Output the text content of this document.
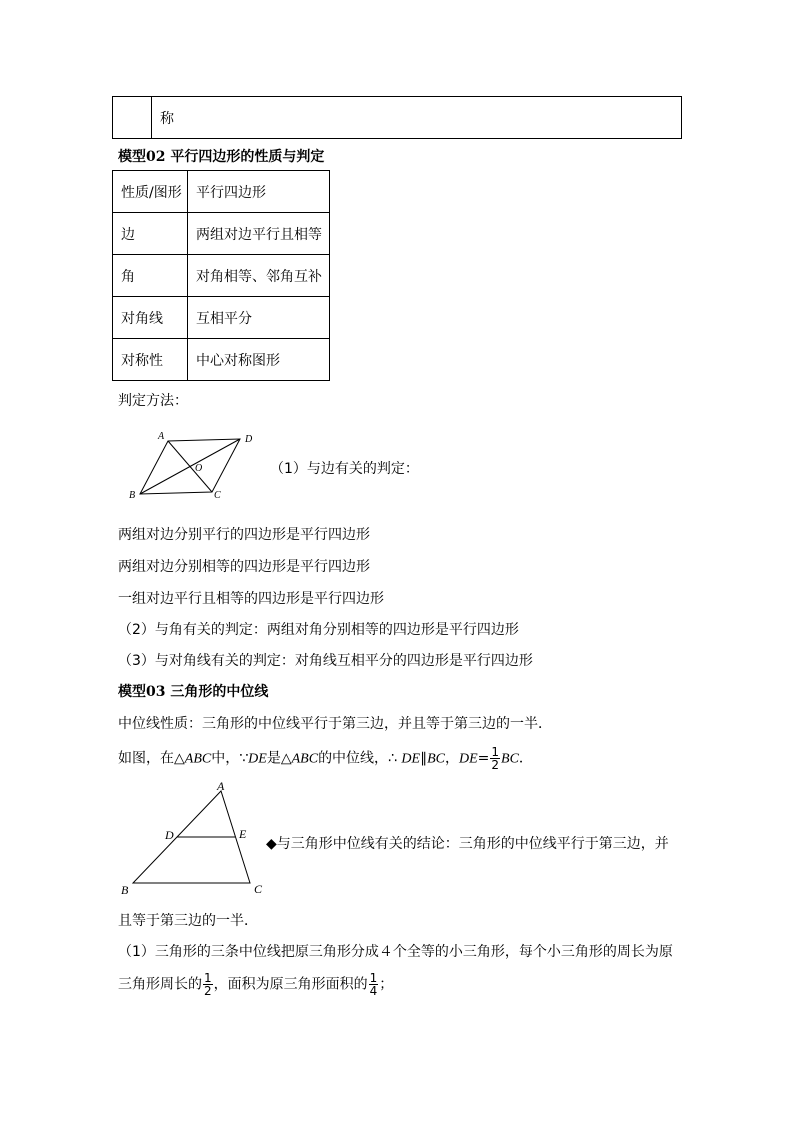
	称
模型02 平行四边形的性质与判定
性质/图形	平行四边形
边	两组对边平行且相等
角	对角相等、邻角互补
对角线	互相平分
对称性	中心对称图形
判定方法：
A	D
O
B	C
（1）与边有关的判定：
两组对边分别平行的四边形是平行四边形
两组对边分别相等的四边形是平行四边形
一组对边平行且相等的四边形是平行四边形
（2）与角有关的判定：两组对角分别相等的四边形是平行四边形
（3）与对角线有关的判定：对角线互相平分的四边形是平行四边形
模型03 三角形的中位线
中位线性质：三角形的中位线平行于第三边，并且等于第三边的一半．
如图，在△ABC中，∵DE是△ABC的中位线，∴ DE∥BC，$DE= \frac{1}{2}$ BC．
A
D	E
B	C
◆与三角形中位线有关的结论：三角形的中位线平行于第三边，并
且等于第三边的一半．
（1）三角形的三条中位线把原三角形分成４个全等的小三角形，每个小三角形的周长为原
三角形周长的 $\frac{1}{2}$ ，面积为原三角形面积的 $\frac{1}{4}$ ；
